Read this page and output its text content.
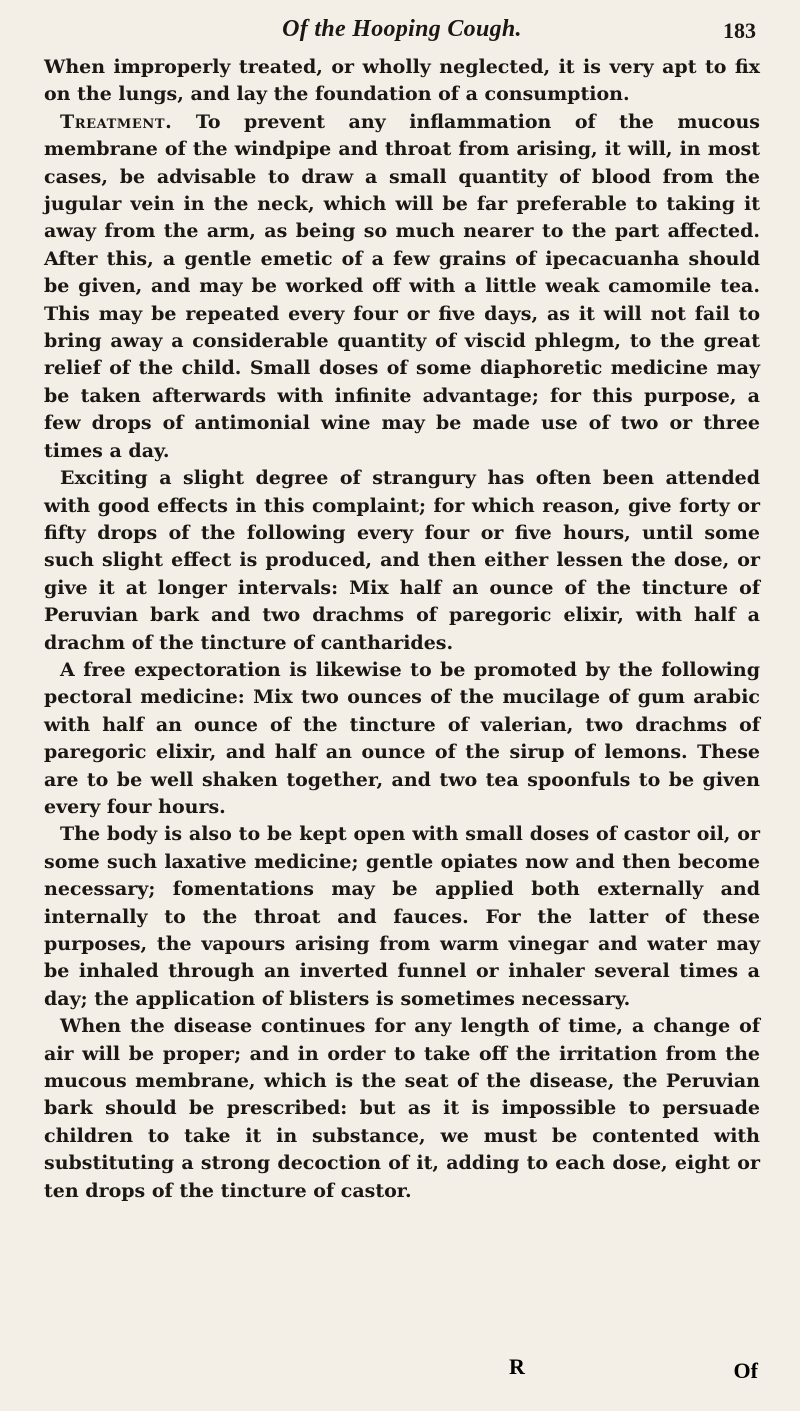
Of the Hooping Cough.	183

When improperly treated, or wholly neglected, it is very apt to fix on the lungs, and lay the foundation of a consumption.

Treatment. To prevent any inflammation of the mucous membrane of the windpipe and throat from arising, it will, in most cases, be advisable to draw a small quantity of blood from the jugular vein in the neck, which will be far preferable to taking it away from the arm, as being so much nearer to the part affected. After this, a gentle emetic of a few grains of ipecacuanha should be given, and may be worked off with a little weak camomile tea. This may be repeated every four or five days, as it will not fail to bring away a considerable quantity of viscid phlegm, to the great relief of the child. Small doses of some diaphoretic medicine may be taken afterwards with infinite advantage; for this purpose, a few drops of antimonial wine may be made use of two or three times a day.

Exciting a slight degree of strangury has often been attended with good effects in this complaint; for which reason, give forty or fifty drops of the following every four or five hours, until some such slight effect is produced, and then either lessen the dose, or give it at longer intervals: Mix half an ounce of the tincture of Peruvian bark and two drachms of paregoric elixir, with half a drachm of the tincture of cantharides.

A free expectoration is likewise to be promoted by the following pectoral medicine: Mix two ounces of the mucilage of gum arabic with half an ounce of the tincture of valerian, two drachms of paregoric elixir, and half an ounce of the sirup of lemons. These are to be well shaken together, and two tea spoonfuls to be given every four hours.

The body is also to be kept open with small doses of castor oil, or some such laxative medicine; gentle opiates now and then become necessary; fomentations may be applied both externally and internally to the throat and fauces. For the latter of these purposes, the vapours arising from warm vinegar and water may be inhaled through an inverted funnel or inhaler several times a day; the application of blisters is sometimes necessary.

When the disease continues for any length of time, a change of air will be proper; and in order to take off the irritation from the mucous membrane, which is the seat of the disease, the Peruvian bark should be prescribed: but as it is impossible to persuade children to take it in substance, we must be contented with substituting a strong decoction of it, adding to each dose, eight or ten drops of the tincture of castor.

R	Of
